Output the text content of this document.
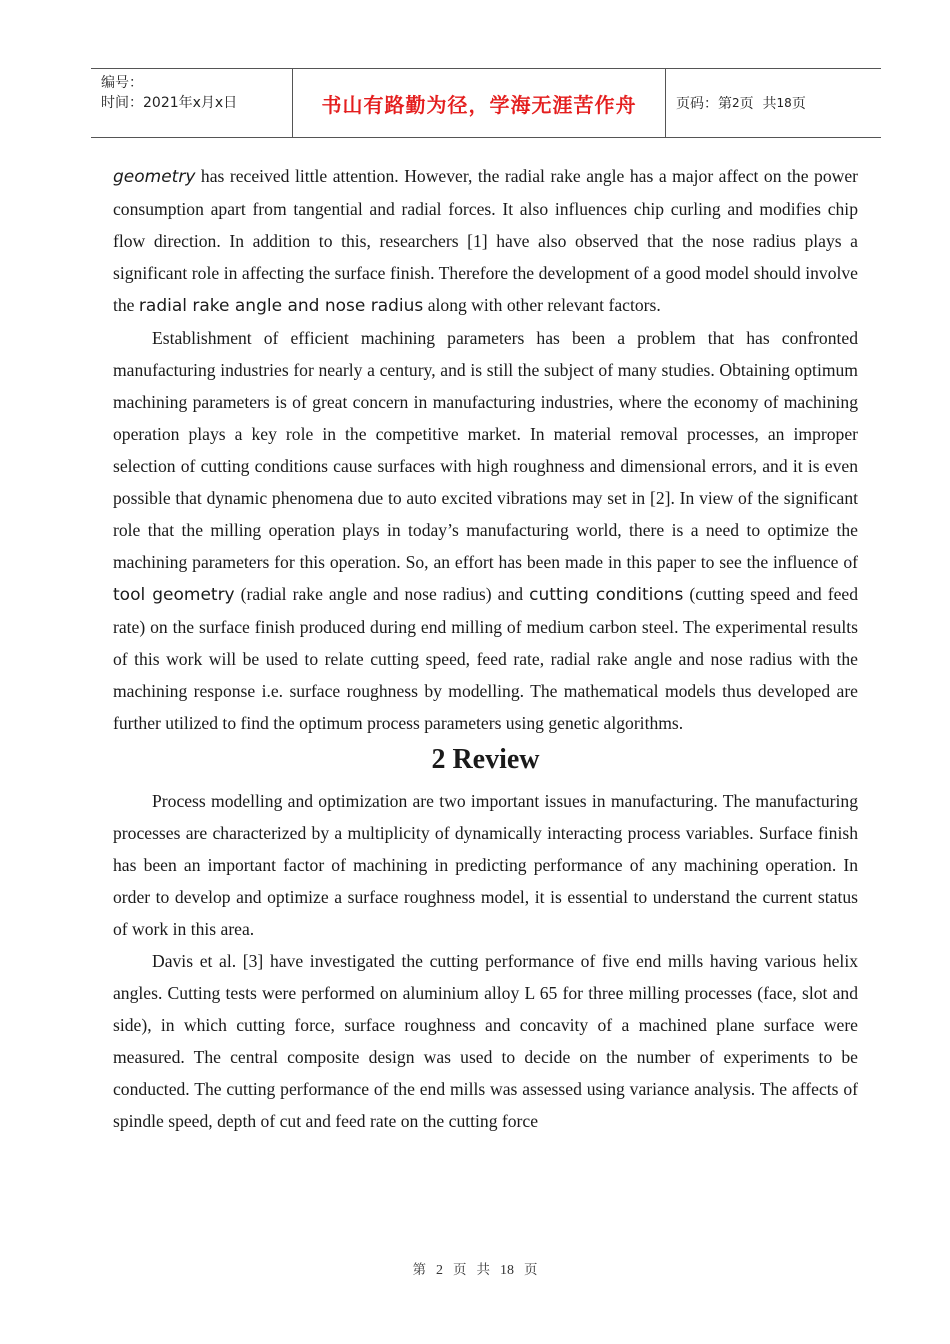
编号：
时间：2021年x月x日	书山有路勤为径，学海无涯苦作舟	页码：第 2 页  共 18 页

geometry has received little attention. However, the radial rake angle has a major affect on the power consumption apart from tangential and radial forces. It also influences chip curling and modifies chip flow direction. In addition to this, researchers [1] have also observed that the nose radius plays a significant role in affecting the surface finish. Therefore the development of a good model should involve the radial rake angle and nose radius along with other relevant factors.

Establishment of efficient machining parameters has been a problem that has confronted manufacturing industries for nearly a century, and is still the subject of many studies. Obtaining optimum machining parameters is of great concern in manufacturing industries, where the economy of machining operation plays a key role in the competitive market. In material removal processes, an improper selection of cutting conditions cause surfaces with high roughness and dimensional errors, and it is even possible that dynamic phenomena due to auto excited vibrations may set in [2]. In view of the significant role that the milling operation plays in today’s manufacturing world, there is a need to optimize the machining parameters for this operation. So, an effort has been made in this paper to see the influence of tool geometry (radial rake angle and nose radius) and cutting conditions (cutting speed and feed rate) on the surface finish produced during end milling of medium carbon steel. The experimental results of this work will be used to relate cutting speed, feed rate, radial rake angle and nose radius with the machining response i.e. surface roughness by modelling. The mathematical models thus developed are further utilized to find the optimum process parameters using genetic algorithms.

2 Review

Process modelling and optimization are two important issues in manufacturing. The manufacturing processes are characterized by a multiplicity of dynamically interacting process variables. Surface finish has been an important factor of machining in predicting performance of any machining operation. In order to develop and optimize a surface roughness model, it is essential to understand the current status of work in this area.

Davis et al. [3] have investigated the cutting performance of five end mills having various helix angles. Cutting tests were performed on aluminium alloy L 65 for three milling processes (face, slot and side), in which cutting force, surface roughness and concavity of a machined plane surface were measured. The central composite design was used to decide on the number of experiments to be conducted. The cutting performance of the end mills was assessed using variance analysis. The affects of spindle speed, depth of cut and feed rate on the cutting force

第 2 页 共 18 页
